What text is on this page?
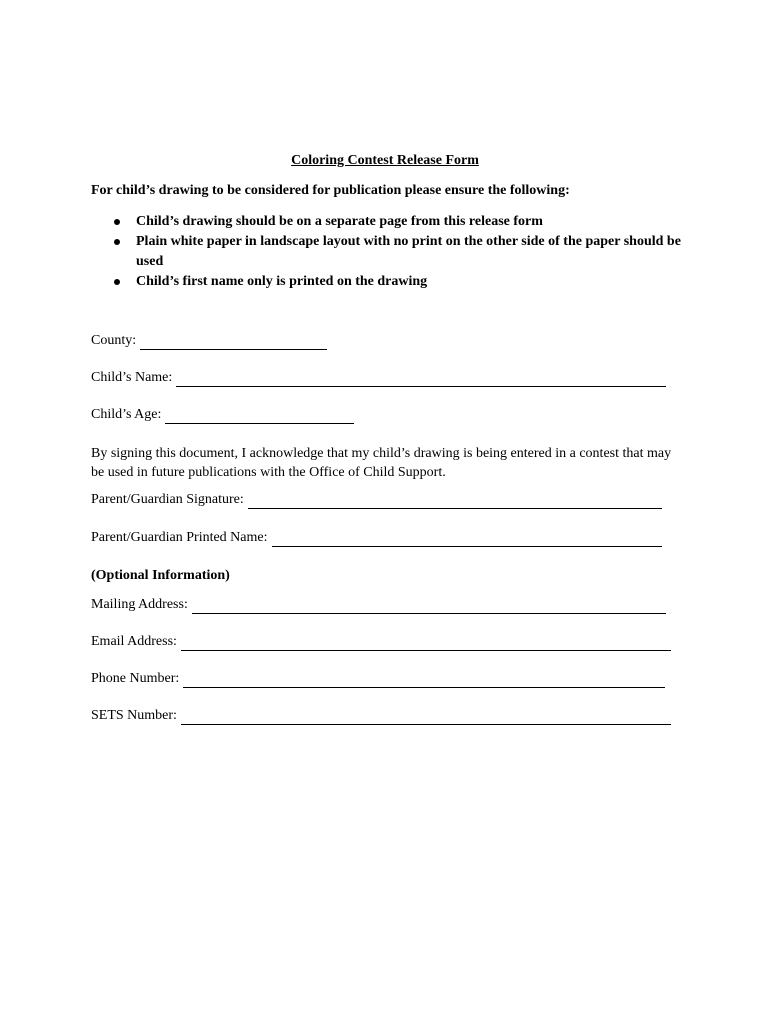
Coloring Contest Release Form
For child’s drawing to be considered for publication please ensure the following:
Child’s drawing should be on a separate page from this release form
Plain white paper in landscape layout with no print on the other side of the paper should be used
Child’s first name only is printed on the drawing
County:
Child’s Name:
Child’s Age:
By signing this document, I acknowledge that my child’s drawing is being entered in a contest that may be used in future publications with the Office of Child Support.
Parent/Guardian Signature:
Parent/Guardian Printed Name:
(Optional Information)
Mailing Address:
Email Address:
Phone Number:
SETS Number:
